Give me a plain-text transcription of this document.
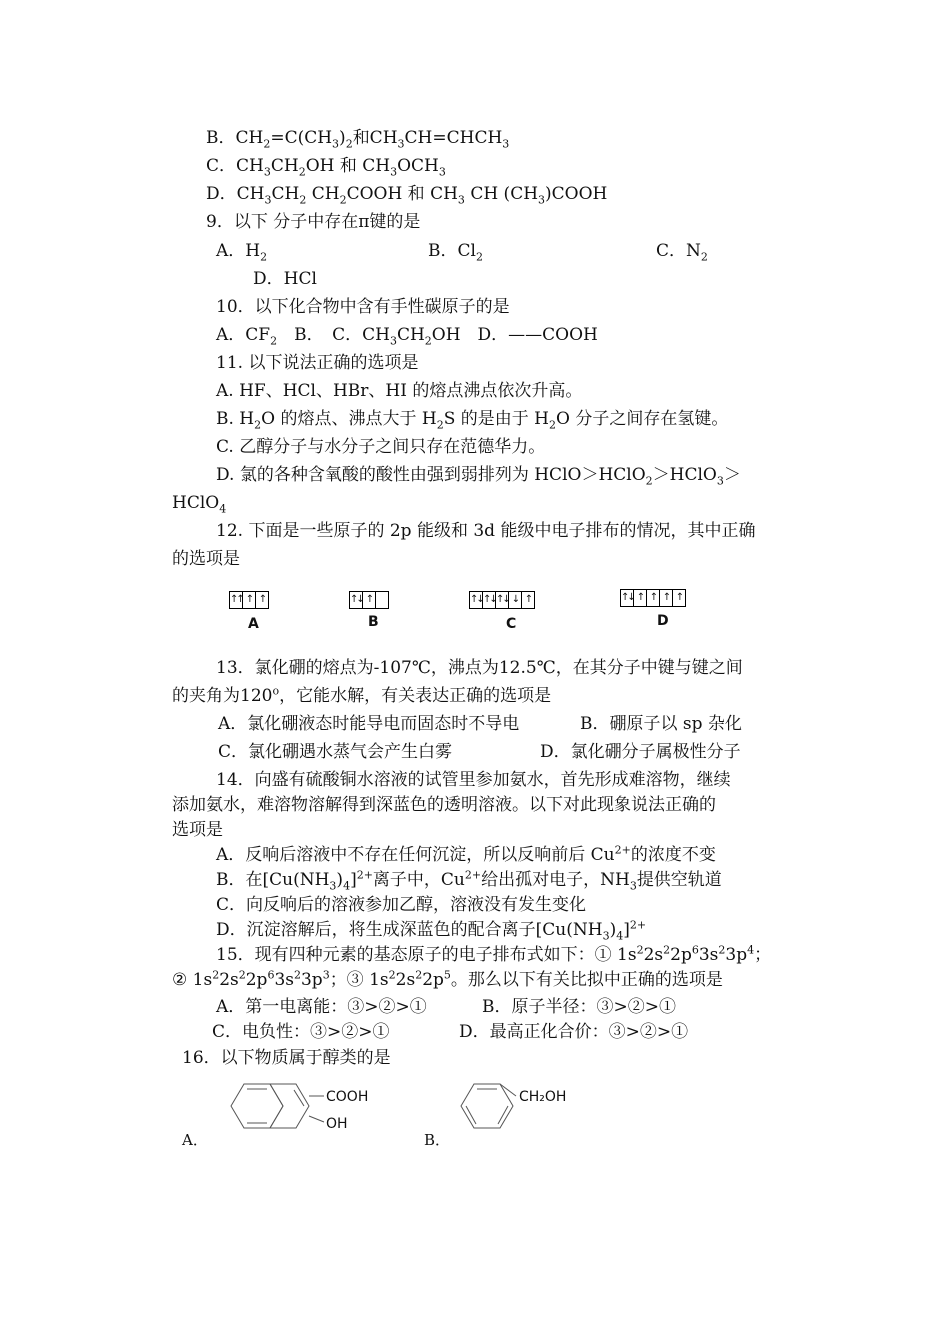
B．$CH_2=C(CH_3)_2$和$CH_3CH=CHCH_3$
C．$CH_3CH_2OH$ 和 $CH_3OCH_3$
D．$CH_3CH_2$ $CH_2COOH$ 和 $CH_3$ CH $(CH_3)COOH$
9．以下 分子中存在π键的是
A．$H_2$	B．$Cl_2$	C．$N_2$
D．HCl
10．以下化合物中含有手性碳原子的是
A．$CF_2$　B．　C．$CH_3CH_2OH$　D．——COOH
11. 以下说法正确的选项是
A. HF、HCl、HBr、HI 的熔点沸点依次升高。
B. $H_2O$ 的熔点、沸点大于 $H_2S$ 的是由于 $H_2O$ 分子之间存在氢键。
C. 乙醇分子与水分子之间只存在范德华力。
D. 氯的各种含氧酸的酸性由强到弱排列为 HClO＞HClO$_2$＞HClO$_3$＞
HClO$_4$
12. 下面是一些原子的 2p 能级和 3d 能级中电子排布的情况，其中正确
的选项是
↑↑ ↑ ↑
A
↑↓ ↑
B
↑↓ ↑↓ ↑↓ ↓ ↑
C
↑↓ ↑ ↑ ↑ ↑
D
13．氯化硼的熔点为-107℃，沸点为12.5℃，在其分子中键与键之间
的夹角为120$^o$，它能水解，有关表达正确的选项是
A．氯化硼液态时能导电而固态时不导电	B．硼原子以 sp 杂化
C．氯化硼遇水蒸气会产生白雾	D．氯化硼分子属极性分子
14．向盛有硫酸铜水溶液的试管里参加氨水，首先形成难溶物，继续
添加氨水，难溶物溶解得到深蓝色的透明溶液。以下对此现象说法正确的
选项是
A．反响后溶液中不存在任何沉淀，所以反响前后 $Cu^{2+}$的浓度不变
B．在$[Cu(NH_3)_4]^{2+}$离子中，$Cu^{2+}$给出孤对电子，$NH_3$提供空轨道
C．向反响后的溶液参加乙醇，溶液没有发生变化
D．沉淀溶解后，将生成深蓝色的配合离子$[Cu(NH_3)_4]^{2+}$
15．现有四种元素的基态原子的电子排布式如下：① $1s^22s^22p^63s^23p^4$；
② $1s^22s^22p^63s^23p^3$；③ $1s^22s^22p^5$。那么以下有关比拟中正确的选项是
A．第一电离能：③>②>①	B．原子半径：③>②>①
C．电负性：③>②>①	D．最高正化合价：③>②>①
16．以下物质属于醇类的是
A．
COOH
OH
B．
CH₂OH
